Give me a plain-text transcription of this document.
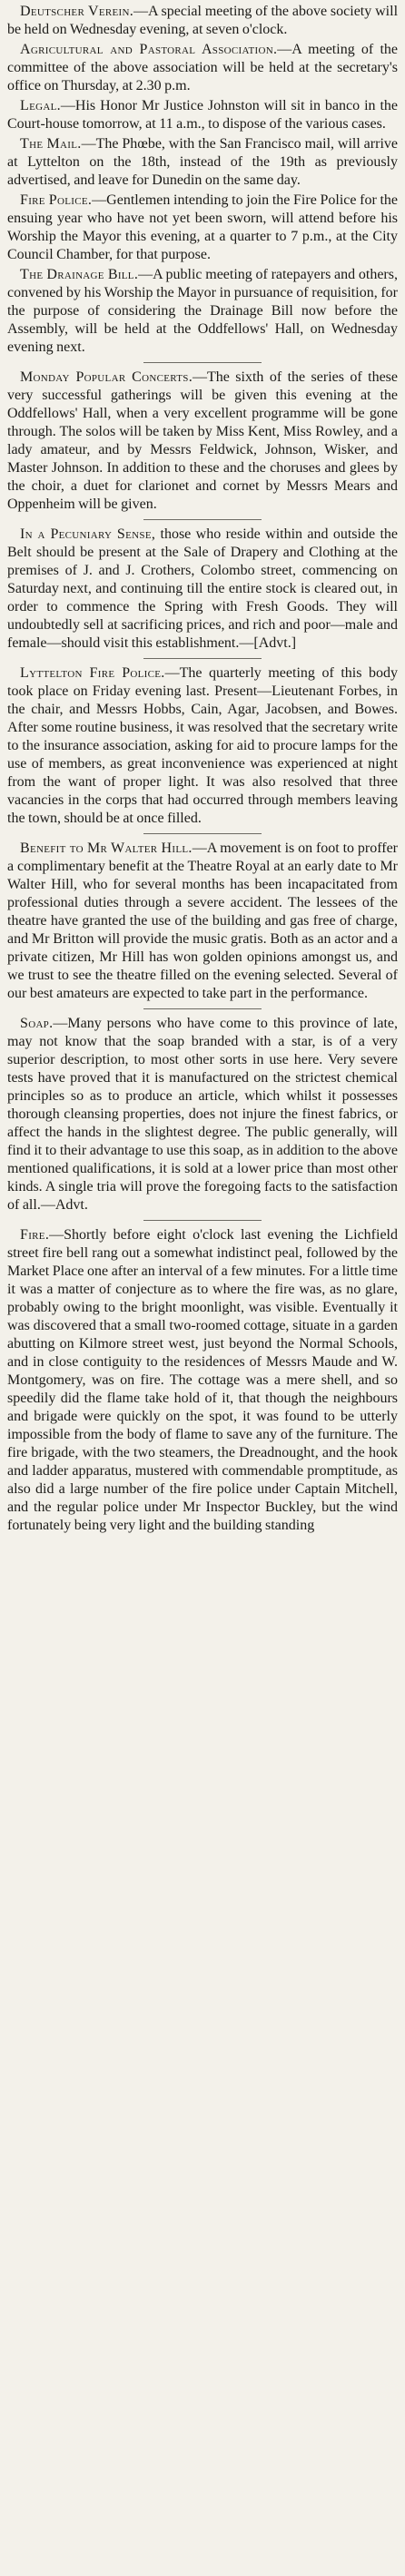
Deutscher Verein.—A special meeting of the above society will be held on Wednesday evening, at seven o'clock.

Agricultural and Pastoral Association.—A meeting of the committee of the above association will be held at the secretary's office on Thursday, at 2.30 p.m.

Legal.—His Honor Mr Justice Johnston will sit in banco in the Court-house tomorrow, at 11 a.m., to dispose of the various cases.

The Mail.—The Phœbe, with the San Francisco mail, will arrive at Lyttelton on the 18th, instead of the 19th as previously advertised, and leave for Dunedin on the same day.

Fire Police.—Gentlemen intending to join the Fire Police for the ensuing year who have not yet been sworn, will attend before his Worship the Mayor this evening, at a quarter to 7 p.m., at the City Council Chamber, for that purpose.

The Drainage Bill.—A public meeting of ratepayers and others, convened by his Worship the Mayor in pursuance of requisition, for the purpose of considering the Drainage Bill now before the Assembly, will be held at the Oddfellows' Hall, on Wednesday evening next.

Monday Popular Concerts.—The sixth of the series of these very successful gatherings will be given this evening at the Oddfellows' Hall, when a very excellent programme will be gone through. The solos will be taken by Miss Kent, Miss Rowley, and a lady amateur, and by Messrs Feldwick, Johnson, Wisker, and Master Johnson. In addition to these and the choruses and glees by the choir, a duet for clarionet and cornet by Messrs Mears and Oppenheim will be given.

In a Pecuniary Sense, those who reside within and outside the Belt should be present at the Sale of Drapery and Clothing at the premises of J. and J. Crothers, Colombo street, commencing on Saturday next, and continuing till the entire stock is cleared out, in order to commence the Spring with Fresh Goods. They will undoubtedly sell at sacrificing prices, and rich and poor—male and female—should visit this establishment.—[Advt.]

Lyttelton Fire Police.—The quarterly meeting of this body took place on Friday evening last. Present—Lieutenant Forbes, in the chair, and Messrs Hobbs, Cain, Agar, Jacobsen, and Bowes. After some routine business, it was resolved that the secretary write to the insurance association, asking for aid to procure lamps for the use of members, as great inconvenience was experienced at night from the want of proper light. It was also resolved that three vacancies in the corps that had occurred through members leaving the town, should be at once filled.

Benefit to Mr Walter Hill.—A movement is on foot to proffer a complimentary benefit at the Theatre Royal at an early date to Mr Walter Hill, who for several months has been incapacitated from professional duties through a severe accident. The lessees of the theatre have granted the use of the building and gas free of charge, and Mr Britton will provide the music gratis. Both as an actor and a private citizen, Mr Hill has won golden opinions amongst us, and we trust to see the theatre filled on the evening selected. Several of our best amateurs are expected to take part in the performance.

Soap.—Many persons who have come to this province of late, may not know that the soap branded with a star, is of a very superior description, to most other sorts in use here. Very severe tests have proved that it is manufactured on the strictest chemical principles so as to produce an article, which whilst it possesses thorough cleansing properties, does not injure the finest fabrics, or affect the hands in the slightest degree. The public generally, will find it to their advantage to use this soap, as in addition to the above mentioned qualifications, it is sold at a lower price than most other kinds. A single tria will prove the foregoing facts to the satisfaction of all.—Advt.

Fire.—Shortly before eight o'clock last evening the Lichfield street fire bell rang out a somewhat indistinct peal, followed by the Market Place one after an interval of a few minutes. For a little time it was a matter of conjecture as to where the fire was, as no glare, probably owing to the bright moonlight, was visible. Eventually it was discovered that a small two-roomed cottage, situate in a garden abutting on Kilmore street west, just beyond the Normal Schools, and in close contiguity to the residences of Messrs Maude and W. Montgomery, was on fire. The cottage was a mere shell, and so speedily did the flame take hold of it, that though the neighbours and brigade were quickly on the spot, it was found to be utterly impossible from the body of flame to save any of the furniture. The fire brigade, with the two steamers, the Dreadnought, and the hook and ladder apparatus, mustered with commendable promptitude, as also did a large number of the fire police under Captain Mitchell, and the regular police under Mr Inspector Buckley, but the wind fortunately being very light and the building standing
